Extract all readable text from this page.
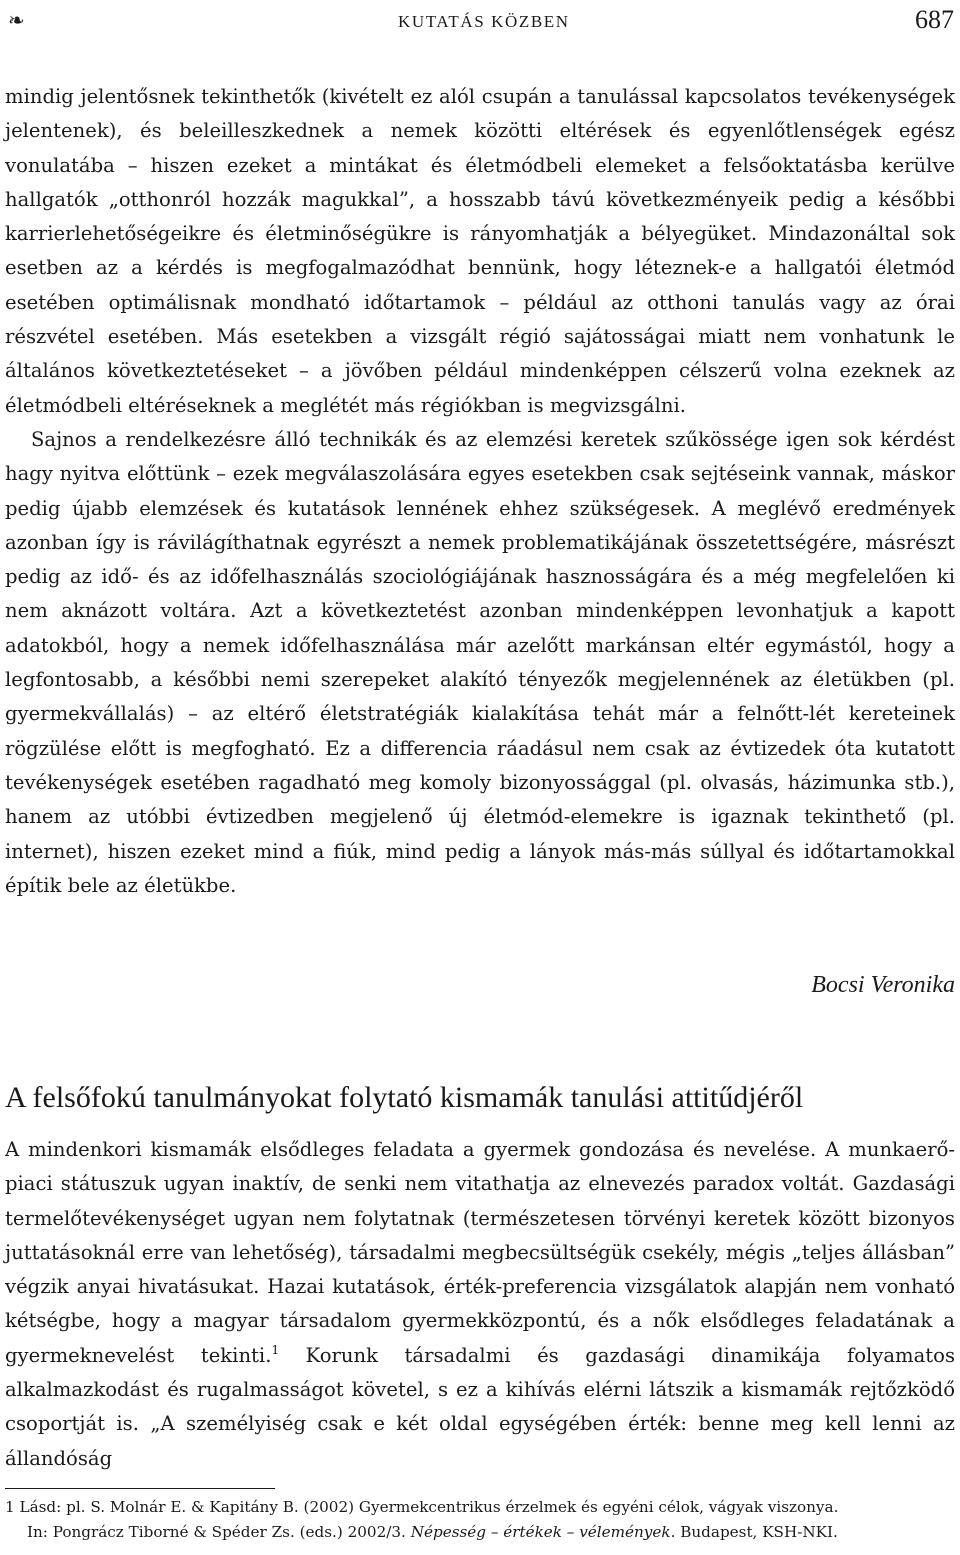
❧	KUTATÁS KÖZBEN	687

mindig jelentősnek tekinthetők (kivételt ez alól csupán a tanulással kapcsolatos tevékenységek jelentenek), és beleilleszkednek a nemek közötti eltérések és egyenlőtlenségek egész vonulatába – hiszen ezeket a mintákat és életmódbeli elemeket a felsőoktatásba kerülve hallgatók „otthonról hozzák magukkal”, a hosszabb távú következményeik pedig a későbbi karrierlehetőségeikre és életminőségükre is rányomhatják a bélyegüket. Mindazonáltal sok esetben az a kérdés is megfogalmazódhat bennünk, hogy léteznek-e a hallgatói életmód esetében optimálisnak mondható időtartamok – például az otthoni tanulás vagy az órai részvétel esetében. Más esetekben a vizsgált régió sajátosságai miatt nem vonhatunk le általános következtetéseket – a jövőben például mindenképpen célszerű volna ezeknek az életmódbeli eltéréseknek a meglétét más régiókban is megvizsgálni.

Sajnos a rendelkezésre álló technikák és az elemzési keretek szűkössége igen sok kérdést hagy nyitva előttünk – ezek megválaszolására egyes esetekben csak sejtéseink vannak, máskor pedig újabb elemzések és kutatások lennének ehhez szükségesek. A meglévő eredmények azonban így is rávilágíthatnak egyrészt a nemek problematikájának összetettségére, másrészt pedig az idő- és az időfelhasználás szociológiájának hasznosságára és a még megfelelően ki nem aknázott voltára. Azt a következtetést azonban mindenképpen levonhatjuk a kapott adatokból, hogy a nemek időfelhasználása már azelőtt markánsan eltér egymástól, hogy a legfontosabb, a későbbi nemi szerepeket alakító tényezők megjelennének az életükben (pl. gyermekvállalás) – az eltérő életstratégiák kialakítása tehát már a felnőtt-lét kereteinek rögzülése előtt is megfogható. Ez a differencia ráadásul nem csak az évtizedek óta kutatott tevékenységek esetében ragadható meg komoly bizonyossággal (pl. olvasás, házimunka stb.), hanem az utóbbi évtizedben megjelenő új életmód-elemekre is igaznak tekinthető (pl. internet), hiszen ezeket mind a fiúk, mind pedig a lányok más-más súllyal és időtartamokkal építik bele az életükbe.

Bocsi Veronika
A felsőfokú tanulmányokat folytató kismamák tanulási attitűdjéről

A mindenkori kismamák elsődleges feladata a gyermek gondozása és nevelése. A munkaerő-piaci státuszuk ugyan inaktív, de senki nem vitathatja az elnevezés paradox voltát. Gazdasági termelőtevékenységet ugyan nem folytatnak (természetesen törvényi keretek között bizonyos juttatásoknál erre van lehetőség), társadalmi megbecsültségük csekély, mégis „teljes állásban” végzik anyai hivatásukat. Hazai kutatások, érték-preferencia vizsgálatok alapján nem vonható kétségbe, hogy a magyar társadalom gyermekközpontú, és a nők elsődleges feladatának a gyermeknevelést tekinti.$^1$ Korunk társadalmi és gazdasági dinamikája folyamatos alkalmazkodást és rugalmasságot követel, s ez a kihívás elérni látszik a kismamák rejtőzködő csoportját is. „A személyiség csak e két oldal egységében érték: benne meg kell lenni az állandóság

1 Lásd: pl. S. Molnár E. & Kapitány B. (2002) Gyermekcentrikus érzelmek és egyéni célok, vágyak viszonya.
In: Pongrácz Tiborné & Spéder Zs. (eds.) 2002/3. Népesség – értékek – vélemények. Budapest, KSH-NKI.
